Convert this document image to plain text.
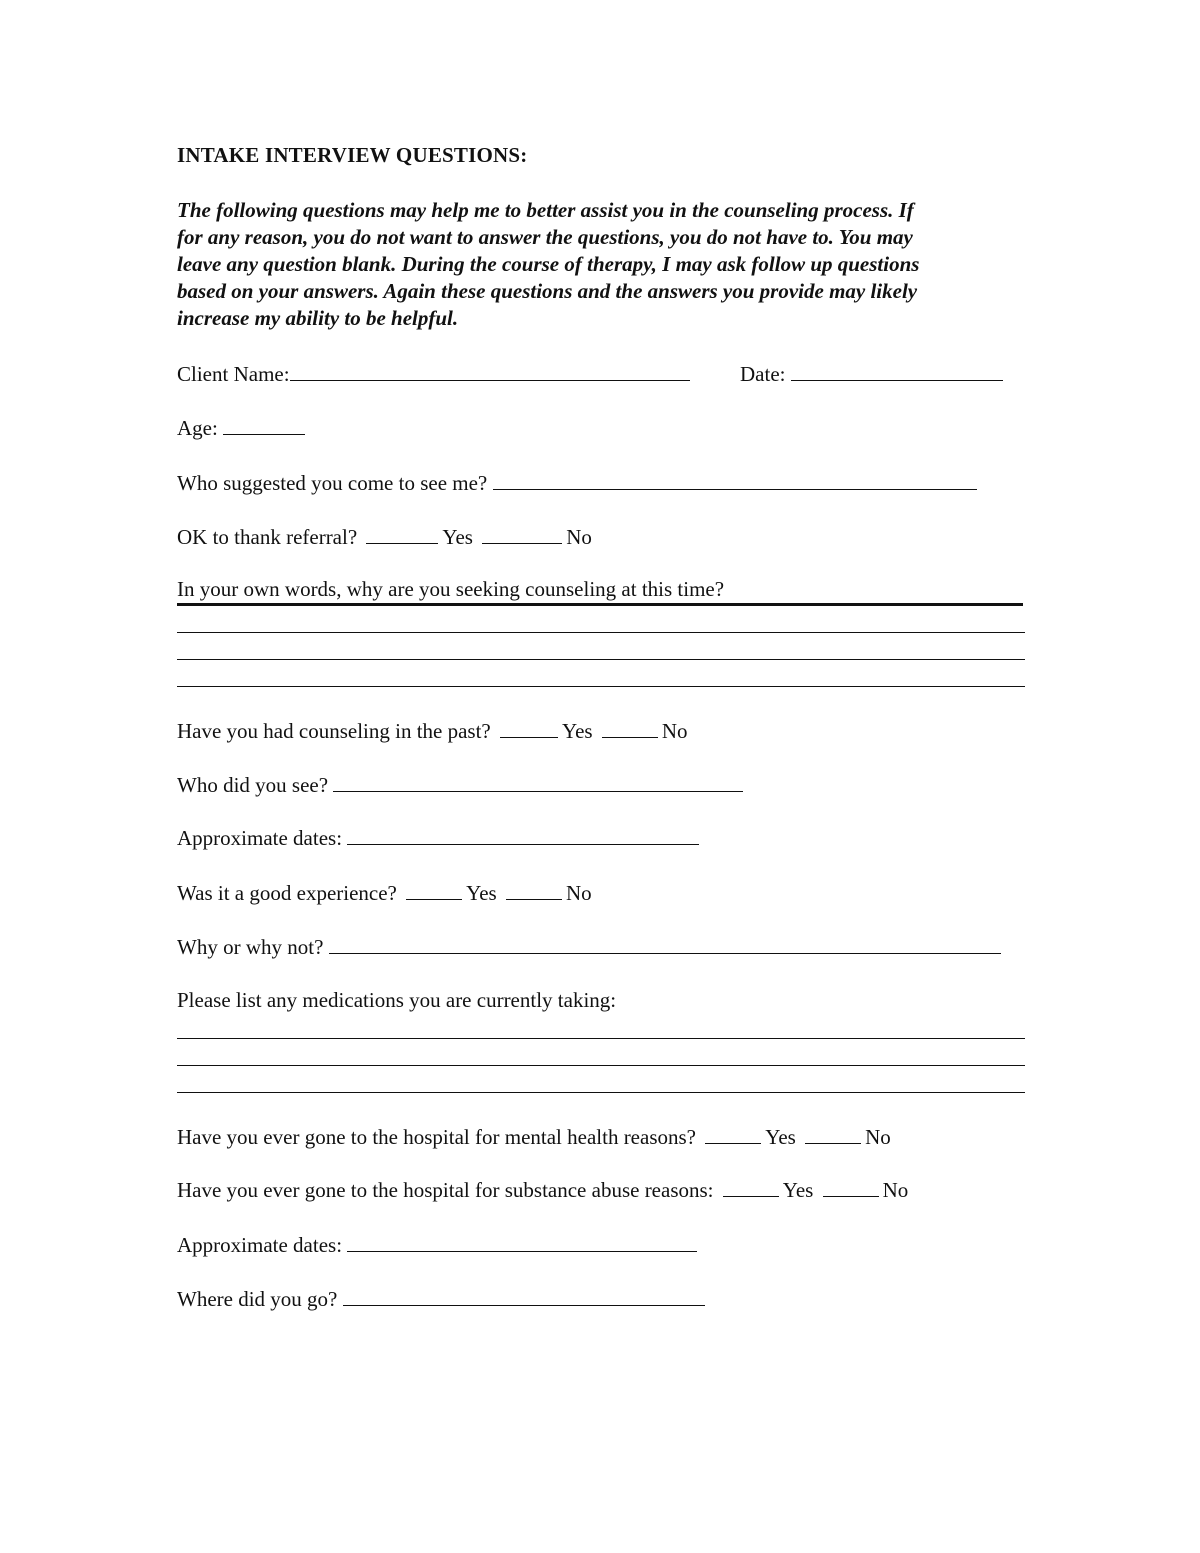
INTAKE INTERVIEW QUESTIONS:
The following questions may help me to better assist you in the counseling process. If
for any reason, you do not want to answer the questions, you do not have to. You may
leave any question blank. During the course of therapy, I may ask follow up questions
based on your answers. Again these questions and the answers you provide may likely
increase my ability to be helpful.
Client Name:	Date:
Age:
Who suggested you come to see me?
OK to thank referral?	Yes	No
In your own words, why are you seeking counseling at this time?
Have you had counseling in the past?	Yes	No
Who did you see?
Approximate dates:
Was it a good experience?	Yes	No
Why or why not?
Please list any medications you are currently taking:
Have you ever gone to the hospital for mental health reasons?	Yes	No
Have you ever gone to the hospital for substance abuse reasons:	Yes	No
Approximate dates:
Where did you go?
